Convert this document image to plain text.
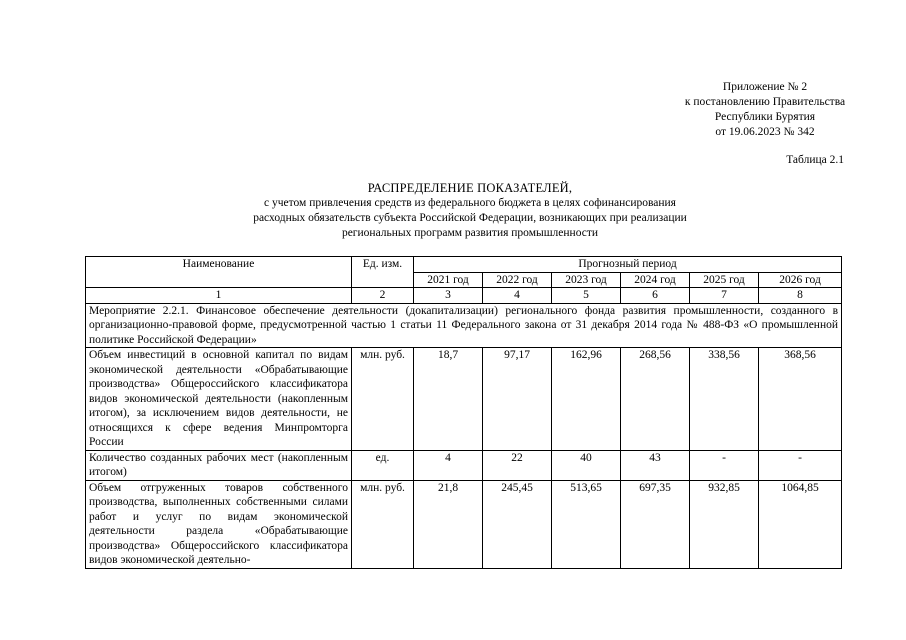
Приложение № 2
к постановлению Правительства
Республики Бурятия
от 19.06.2023 № 342
Таблица 2.1
РАСПРЕДЕЛЕНИЕ ПОКАЗАТЕЛЕЙ,
с учетом привлечения средств из федерального бюджета в целях софинансирования
расходных обязательств субъекта Российской Федерации, возникающих при реализации
региональных программ развития промышленности
Наименование	Ед. изм.	Прогнозный период					
		2021 год	2022 год	2023 год	2024 год	2025 год	2026 год
1	2	3	4	5	6	7	8
Мероприятие 2.2.1. Финансовое обеспечение деятельности (докапитализации) регионального фонда развития промышленности, созданного в организационно-правовой форме, предусмотренной частью 1 статьи 11 Федерального закона от 31 декабря 2014 года № 488-ФЗ «О промышленной политике Российской Федерации»							
Объем инвестиций в основной капитал по видам экономической деятельности «Обрабатывающие производства» Общероссийского классификатора видов экономической деятельности (накопленным итогом), за исключением видов деятельности, не относящихся к сфере ведения Минпромторга России	млн. руб.	18,7	97,17	162,96	268,56	338,56	368,56
Количество созданных рабочих мест (накопленным итогом)	ед.	4	22	40	43	-	-
Объем отгруженных товаров собственного производства, выполненных собственными силами работ и услуг по видам экономической деятельности раздела «Обрабатывающие производства» Общероссийского классификатора видов экономической деятельно-	млн. руб.	21,8	245,45	513,65	697,35	932,85	1064,85
